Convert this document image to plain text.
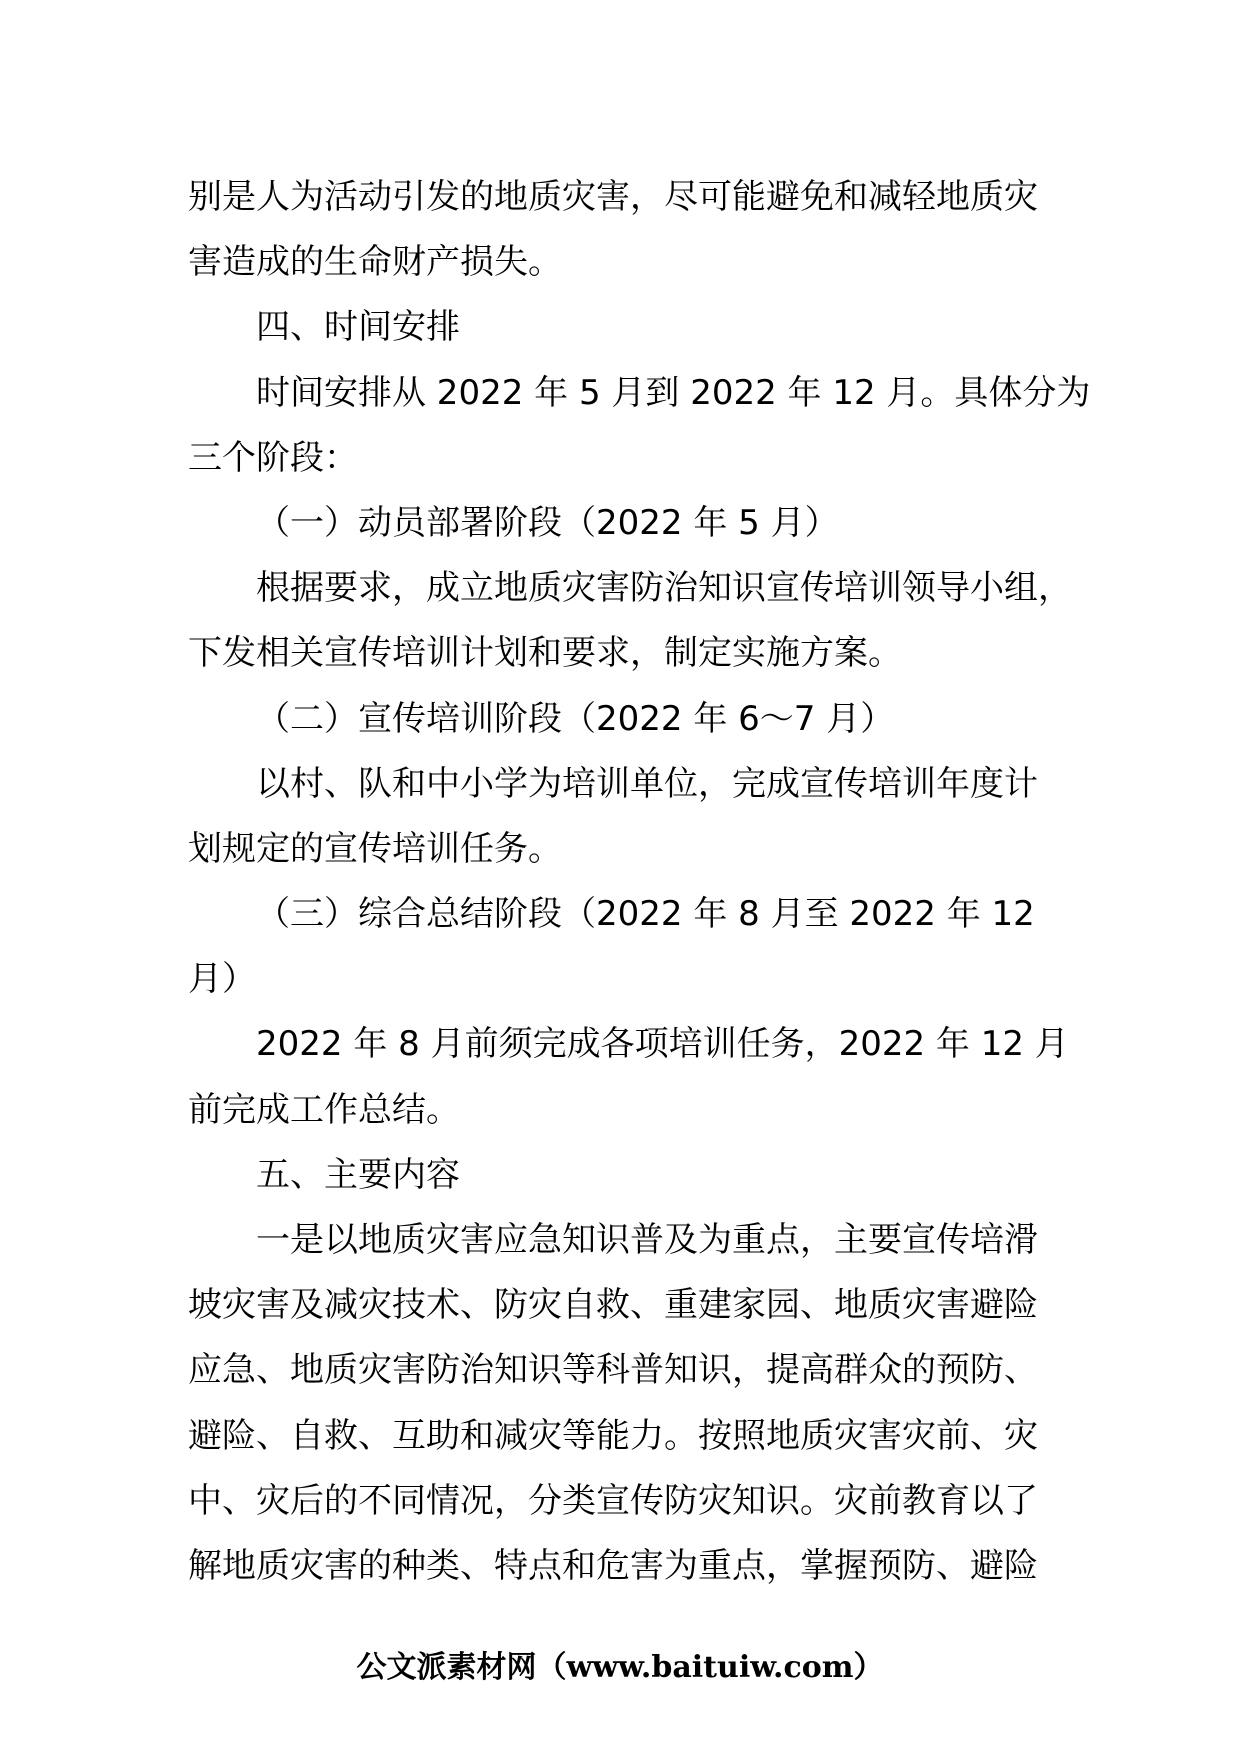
别是人为活动引发的地质灾害，尽可能避免和减轻地质灾
害造成的生命财产损失。
四、时间安排
时间安排从 2022 年 5 月到 2022 年 12 月。具体分为
三个阶段：
（一）动员部署阶段（2022 年 5 月）
根据要求，成立地质灾害防治知识宣传培训领导小组，
下发相关宣传培训计划和要求，制定实施方案。
（二）宣传培训阶段（2022 年 6～7 月）
以村、队和中小学为培训单位，完成宣传培训年度计
划规定的宣传培训任务。
（三）综合总结阶段（2022 年 8 月至 2022 年 12
月）
2022 年 8 月前须完成各项培训任务，2022 年 12 月
前完成工作总结。
五、主要内容
一是以地质灾害应急知识普及为重点，主要宣传培滑
坡灾害及减灾技术、防灾自救、重建家园、地质灾害避险
应急、地质灾害防治知识等科普知识，提高群众的预防、
避险、自救、互助和减灾等能力。按照地质灾害灾前、灾
中、灾后的不同情况，分类宣传防灾知识。灾前教育以了
解地质灾害的种类、特点和危害为重点，掌握预防、避险
公文派素材网（www.baituiw.com）
